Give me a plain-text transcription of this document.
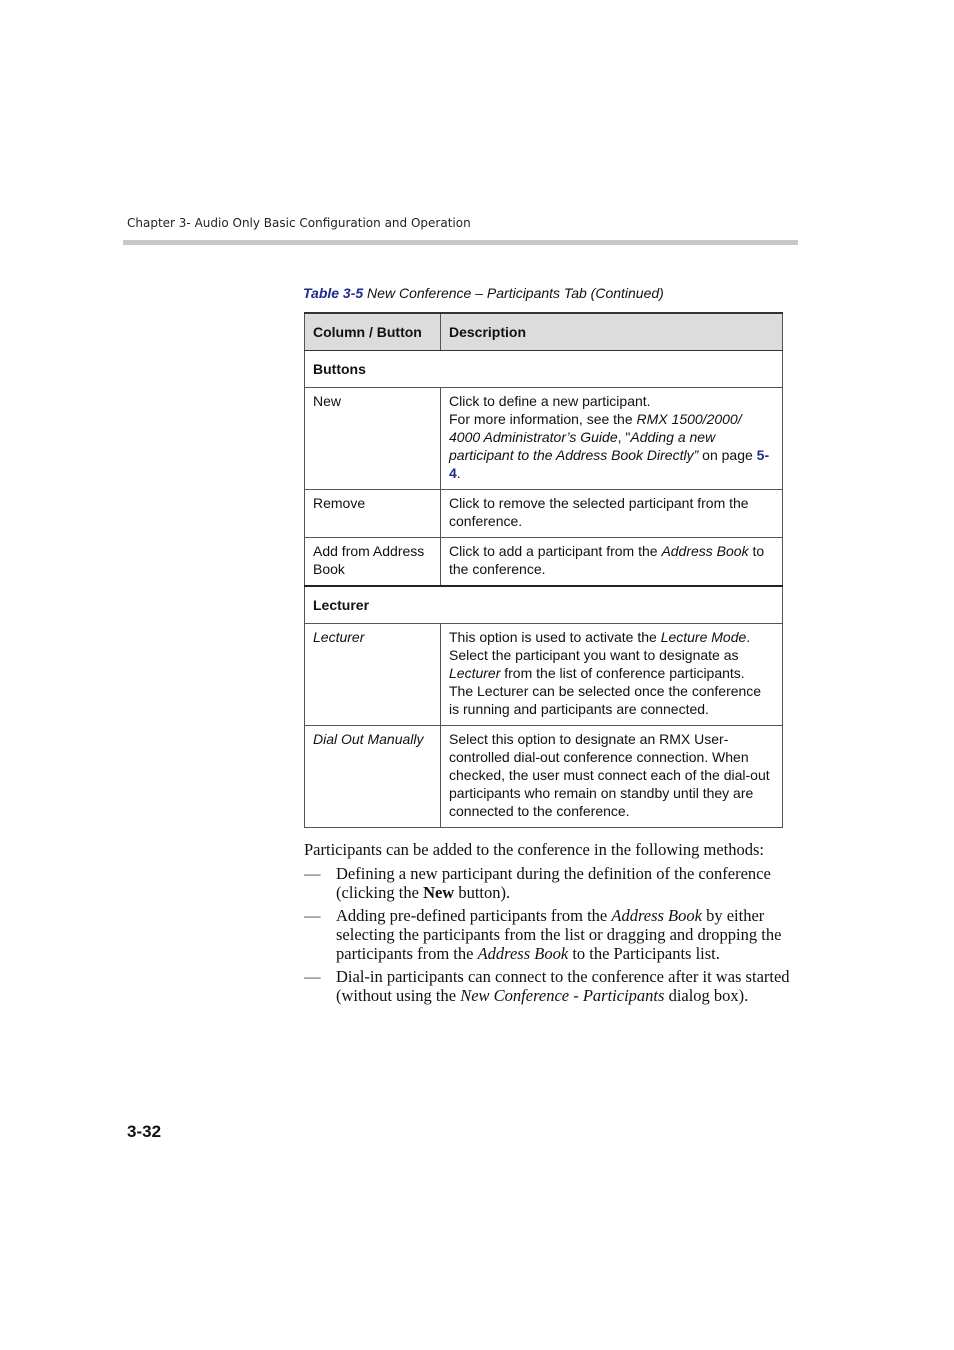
Chapter 3- Audio Only Basic Configuration and Operation
Table 3-5 New Conference – Participants Tab (Continued)
Column / Button	Description
Buttons	
New	Click to define a new participant.
For more information, see the RMX 1500/2000/ 4000 Administrator’s Guide, "Adding a new participant to the Address Book Directly” on page 5-4.

Remove	Click to remove the selected participant from the conference.
Add from Address Book	Click to add a participant from the Address Book to the conference.
Lecturer	
Lecturer	This option is used to activate the Lecture Mode. Select the participant you want to designate as Lecturer from the list of conference participants.
The Lecturer can be selected once the conference is running and participants are connected.

Dial Out Manually	Select this option to designate an RMX User-controlled dial-out conference connection. When checked, the user must connect each of the dial-out participants who remain on standby until they are connected to the conference.
Participants can be added to the conference in the following methods:
— Defining a new participant during the definition of the conference (clicking the New button).
— Adding pre-defined participants from the Address Book by either selecting the participants from the list or dragging and dropping the participants from the Address Book to the Participants list.
— Dial-in participants can connect to the conference after it was started (without using the New Conference - Participants dialog box).
3-32
